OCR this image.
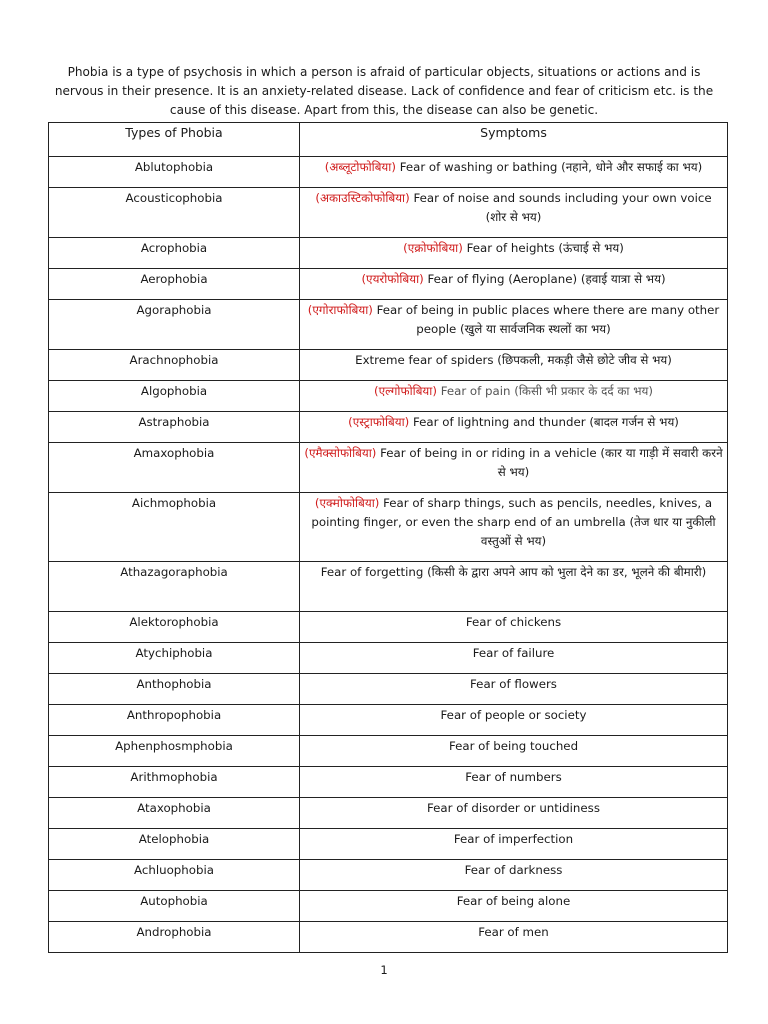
Phobia is a type of psychosis in which a person is afraid of particular objects, situations or actions and is nervous in their presence. It is an anxiety-related disease. Lack of confidence and fear of criticism etc. is the cause of this disease. Apart from this, the disease can also be genetic.

Types of Phobia	Symptoms
Ablutophobia	(अब्लूटोफोबिया) Fear of washing or bathing (नहाने, धोने और सफाई का भय)
Acousticophobia	(अकाउस्टिकोफोबिया) Fear of noise and sounds including your own voice (शोर से भय)
Acrophobia	(एक्रोफोबिया) Fear of heights (ऊंचाई से भय)
Aerophobia	(एयरोफोबिया) Fear of flying (Aeroplane) (हवाई यात्रा से भय)
Agoraphobia	(एगोराफोबिया) Fear of being in public places where there are many other people (खुले या सार्वजनिक स्थलों का भय)
Arachnophobia	Extreme fear of spiders (छिपकली, मकड़ी जैसे छोटे जीव से भय)
Algophobia	(एल्गोफोबिया) Fear of pain (किसी भी प्रकार के दर्द का भय)
Astraphobia	(एस्ट्राफोबिया) Fear of lightning and thunder (बादल गर्जन से भय)
Amaxophobia	(एमैक्सोफोबिया) Fear of being in or riding in a vehicle (कार या गाड़ी में सवारी करने से भय)
Aichmophobia	(एक्मोफोबिया) Fear of sharp things, such as pencils, needles, knives, a pointing finger, or even the sharp end of an umbrella (तेज धार या नुकीली वस्तुओं से भय)
Athazagoraphobia	Fear of forgetting (किसी के द्वारा अपने आप को भुला देने का डर, भूलने की बीमारी)
Alektorophobia	Fear of chickens
Atychiphobia	Fear of failure
Anthophobia	Fear of flowers
Anthropophobia	Fear of people or society
Aphenphosmphobia	Fear of being touched
Arithmophobia	Fear of numbers
Ataxophobia	Fear of disorder or untidiness
Atelophobia	Fear of imperfection
Achluophobia	Fear of darkness
Autophobia	Fear of being alone
Androphobia	Fear of men
1
